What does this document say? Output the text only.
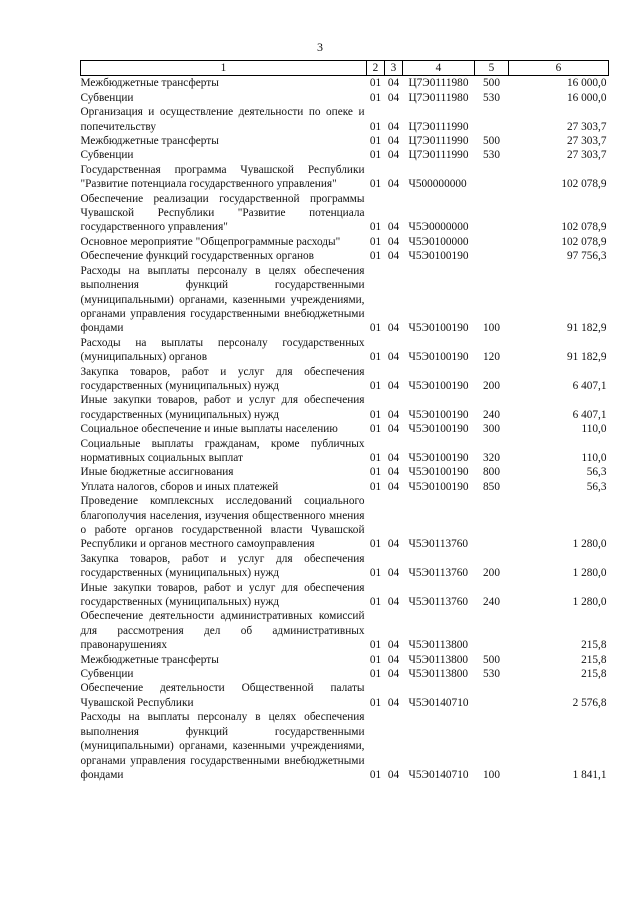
3
1	2	3	4	5	6
Межбюджетные трансферты	01	04	Ц7Э0111980	500	16 000,0
Субвенции	01	04	Ц7Э0111980	530	16 000,0
Организация и осуществление деятельности по опеке и попечительству	01	04	Ц7Э0111990		27 303,7
Межбюджетные трансферты	01	04	Ц7Э0111990	500	27 303,7
Субвенции	01	04	Ц7Э0111990	530	27 303,7
Государственная программа Чувашской Республики "Развитие потенциала государственного управления"	01	04	Ч500000000		102 078,9
Обеспечение реализации государственной программы Чувашской Республики "Развитие потенциала государственного управления"	01	04	Ч5Э0000000		102 078,9
Основное мероприятие "Общепрограммные расходы"	01	04	Ч5Э0100000		102 078,9
Обеспечение функций государственных органов	01	04	Ч5Э0100190		97 756,3
Расходы на выплаты персоналу в целях обеспечения выполнения функций государственными (муниципальными) органами, казенными учреждениями, органами управления государственными внебюджетными фондами	01	04	Ч5Э0100190	100	91 182,9
Расходы на выплаты персоналу государственных (муниципальных) органов	01	04	Ч5Э0100190	120	91 182,9
Закупка товаров, работ и услуг для обеспечения государственных (муниципальных) нужд	01	04	Ч5Э0100190	200	6 407,1
Иные закупки товаров, работ и услуг для обеспечения государственных (муниципальных) нужд	01	04	Ч5Э0100190	240	6 407,1
Социальное обеспечение и иные выплаты населению	01	04	Ч5Э0100190	300	110,0
Социальные выплаты гражданам, кроме публичных нормативных социальных выплат	01	04	Ч5Э0100190	320	110,0
Иные бюджетные ассигнования	01	04	Ч5Э0100190	800	56,3
Уплата налогов, сборов и иных платежей	01	04	Ч5Э0100190	850	56,3
Проведение комплексных исследований социального благополучия населения, изучения общественного мнения о работе органов государственной власти Чувашской Республики и органов местного самоуправления	01	04	Ч5Э0113760		1 280,0
Закупка товаров, работ и услуг для обеспечения государственных (муниципальных) нужд	01	04	Ч5Э0113760	200	1 280,0
Иные закупки товаров, работ и услуг для обеспечения государственных (муниципальных) нужд	01	04	Ч5Э0113760	240	1 280,0
Обеспечение деятельности административных комиссий для рассмотрения дел об административных правонарушениях	01	04	Ч5Э0113800		215,8
Межбюджетные трансферты	01	04	Ч5Э0113800	500	215,8
Субвенции	01	04	Ч5Э0113800	530	215,8
Обеспечение деятельности Общественной палаты Чувашской Республики	01	04	Ч5Э0140710		2 576,8
Расходы на выплаты персоналу в целях обеспечения выполнения функций государственными (муниципальными) органами, казенными учреждениями, органами управления государственными внебюджетными фондами	01	04	Ч5Э0140710	100	1 841,1
